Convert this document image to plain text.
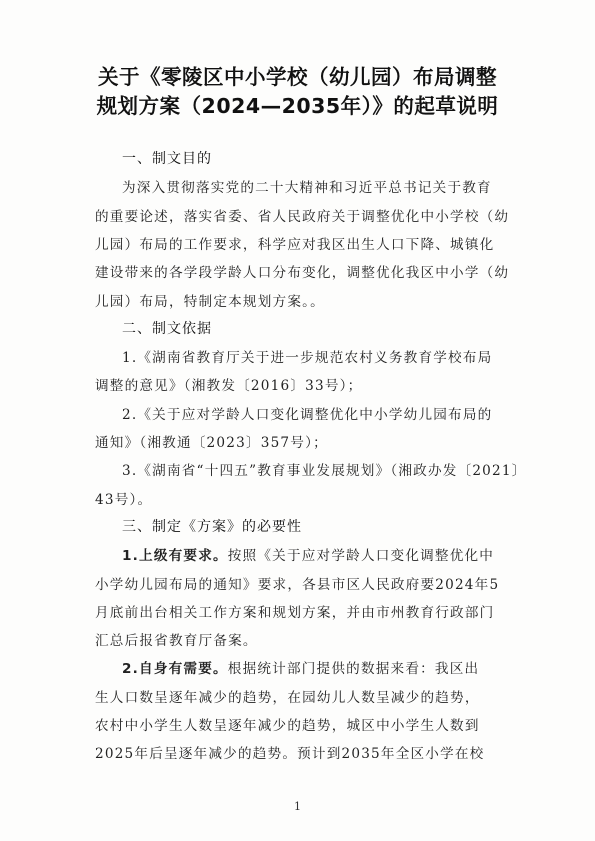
关于《零陵区中小学校（幼儿园）布局调整
规划方案（2024—2035年）》的起草说明
一、制文目的
为深入贯彻落实党的二十大精神和习近平总书记关于教育
的重要论述，落实省委、省人民政府关于调整优化中小学校（幼
儿园）布局的工作要求，科学应对我区出生人口下降、城镇化
建设带来的各学段学龄人口分布变化，调整优化我区中小学（幼
儿园）布局，特制定本规划方案。。
二、制文依据
1.《湖南省教育厅关于进一步规范农村义务教育学校布局
调整的意见》（湘教发〔2016〕33号）；
2.《关于应对学龄人口变化调整优化中小学幼儿园布局的
通知》（湘教通〔2023〕357号）；
3.《湖南省“十四五”教育事业发展规划》（湘政办发〔2021〕
43号）。
三、制定《方案》的必要性
1.上级有要求。按照《关于应对学龄人口变化调整优化中
小学幼儿园布局的通知》要求，各县市区人民政府要2024年5
月底前出台相关工作方案和规划方案，并由市州教育行政部门
汇总后报省教育厅备案。
2.自身有需要。根据统计部门提供的数据来看：我区出
生人口数呈逐年减少的趋势，在园幼儿人数呈减少的趋势，
农村中小学生人数呈逐年减少的趋势，城区中小学生人数到
2025年后呈逐年减少的趋势。预计到2035年全区小学在校
1
